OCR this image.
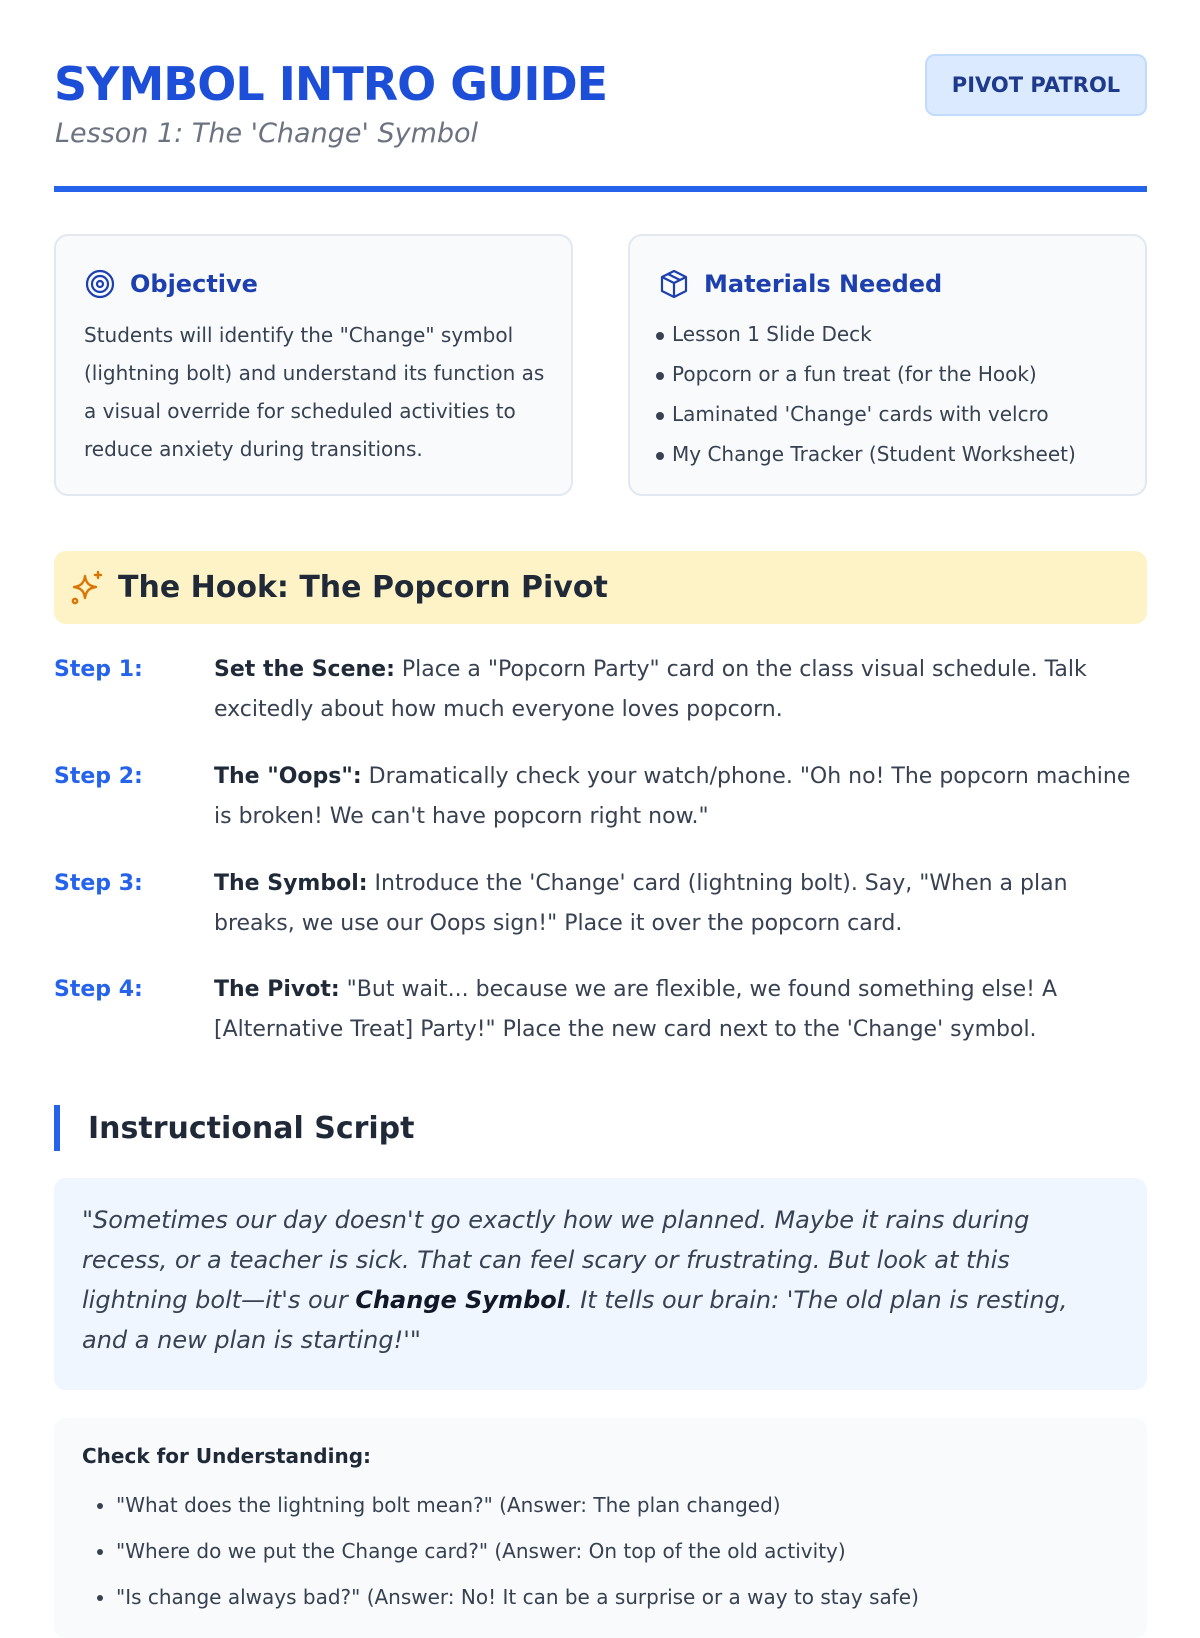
SYMBOL INTRO GUIDE

Lesson 1: The 'Change' Symbol

PIVOT PATROL
Objective
Students will identify the "Change" symbol (lightning bolt) and understand its function as a visual override for scheduled activities to reduce anxiety during transitions.
Materials Needed
Lesson 1 Slide Deck
Popcorn or a fun treat (for the Hook)
Laminated 'Change' cards with velcro
My Change Tracker (Student Worksheet)
The Hook: The Popcorn Pivot
Step 1:	Set the Scene: Place a "Popcorn Party" card on the class visual schedule. Talk excitedly about how much everyone loves popcorn.
Step 2:	The "Oops": Dramatically check your watch/phone. "Oh no! The popcorn machine is broken! We can't have popcorn right now."
Step 3:	The Symbol: Introduce the 'Change' card (lightning bolt). Say, "When a plan breaks, we use our Oops sign!" Place it over the popcorn card.
Step 4:	The Pivot: "But wait... because we are flexible, we found something else! A [Alternative Treat] Party!" Place the new card next to the 'Change' symbol.
Instructional Script
"Sometimes our day doesn't go exactly how we planned. Maybe it rains during recess, or a teacher is sick. That can feel scary or frustrating. But look at this lightning bolt—it's our Change Symbol. It tells our brain: 'The old plan is resting, and a new plan is starting!'"
Check for Understanding:
• "What does the lightning bolt mean?" (Answer: The plan changed)
• "Where do we put the Change card?" (Answer: On top of the old activity)
• "Is change always bad?" (Answer: No! It can be a surprise or a way to stay safe)
